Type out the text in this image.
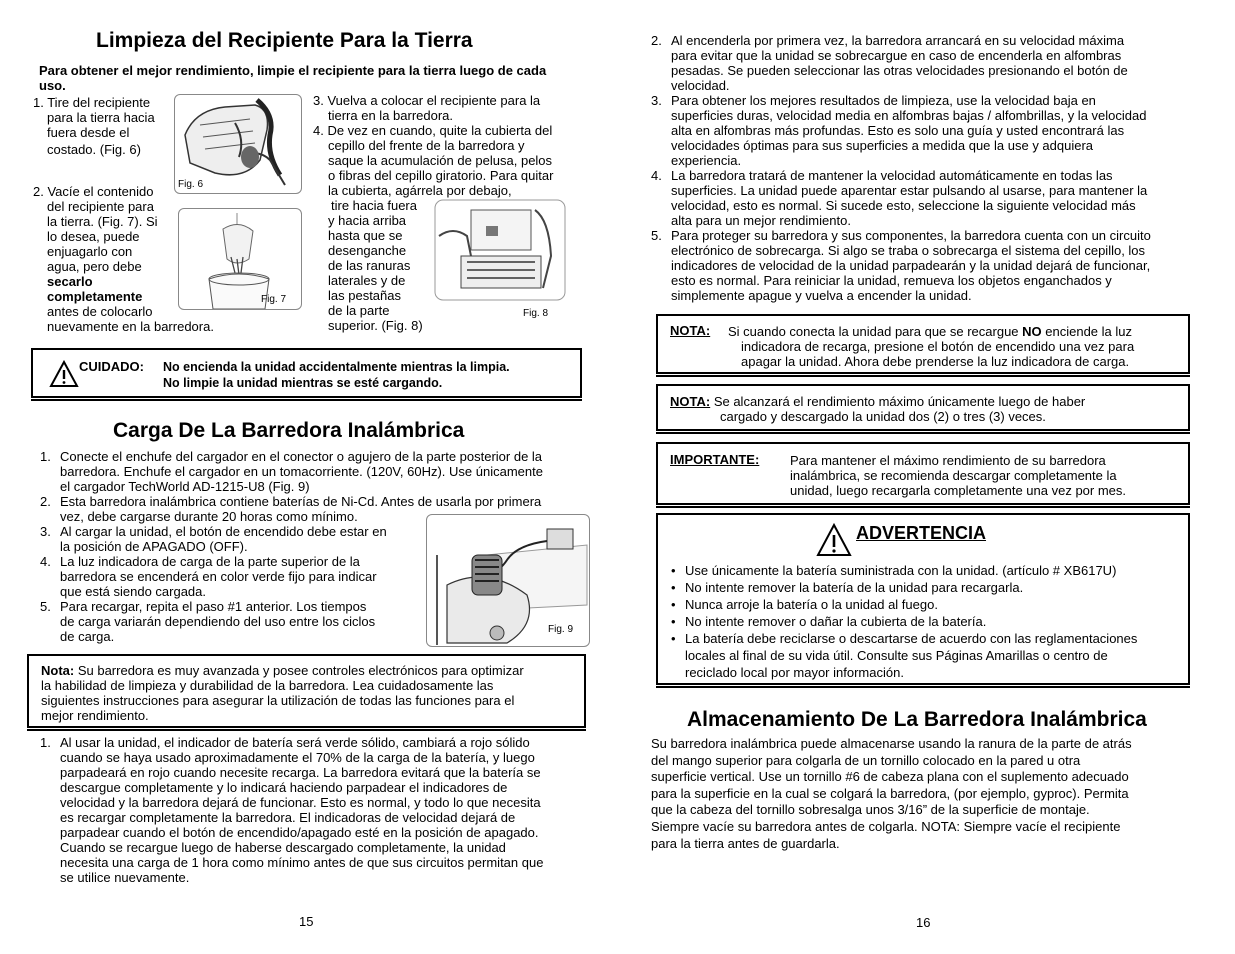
Limpieza del Recipiente Para la Tierra
Para obtener el mejor rendimiento, limpie el recipiente para la tierra luego de cada uso.
1. Tire del recipiente
para la tierra hacia
fuera desde el
costado. (Fig. 6)
Fig. 6
2. Vacíe el contenido
del recipiente para
la tierra. (Fig. 7). Si
lo desea, puede
enjuagarlo con
agua, pero debe
secarlo
completamente
antes de colocarlo
nuevamente en la barredora.
Fig. 7
3. Vuelva a colocar el recipiente para la
tierra en la barredora.
4. De vez en cuando, quite la cubierta del
cepillo del frente de la barredora y
saque la acumulación de pelusa, pelos
o fibras del cepillo giratorio. Para quitar
la cubierta, agárrela por debajo,
tire hacia fuera
y hacia arriba
hasta que se
desenganche
de las ranuras
laterales y de
las pestañas
de la parte
superior. (Fig. 8)
Fig. 8
CUIDADO: No encienda la unidad accidentalmente mientras la limpia.
No limpie la unidad mientras se esté cargando.
Carga De La Barredora Inalámbrica
1. Conecte el enchufe del cargador en el conector o agujero de la parte posterior de la
barredora. Enchufe el cargador en un tomacorriente. (120V, 60Hz). Use únicamente
el cargador TechWorld AD-1215-U8 (Fig. 9)
2. Esta barredora inalámbrica contiene baterías de Ni-Cd. Antes de usarla por primera
vez, debe cargarse durante 20 horas como mínimo.
3. Al cargar la unidad, el botón de encendido debe estar en
la posición de APAGADO (OFF).
4. La luz indicadora de carga de la parte superior de la
barredora se encenderá en color verde fijo para indicar
que está siendo cargada.
5. Para recargar, repita el paso #1 anterior. Los tiempos
de carga variarán dependiendo del uso entre los ciclos
de carga.	Fig. 9
Nota: Su barredora es muy avanzada y posee controles electrónicos para optimizar
la habilidad de limpieza y durabilidad de la barredora. Lea cuidadosamente las
siguientes instrucciones para asegurar la utilización de todas las funciones para el
mejor rendimiento.
1. Al usar la unidad, el indicador de batería será verde sólido, cambiará a rojo sólido
cuando se haya usado aproximadamente el 70% de la carga de la batería, y luego
parpadeará en rojo cuando necesite recarga. La barredora evitará que la batería se
descargue completamente y lo indicará haciendo parpadear el indicadores de
velocidad y la barredora dejará de funcionar. Esto es normal, y todo lo que necesita
es recargar completamente la barredora. El indicadoras de velocidad dejará de
parpadear cuando el botón de encendido/apagado esté en la posición de apagado.
Cuando se recargue luego de haberse descargado completamente, la unidad
necesita una carga de 1 hora como mínimo antes de que sus circuitos permitan que
se utilice nuevamente.
15
2. Al encenderla por primera vez, la barredora arrancará en su velocidad máxima
para evitar que la unidad se sobrecargue en caso de encenderla en alfombras
pesadas. Se pueden seleccionar las otras velocidades presionando el botón de
velocidad.
3. Para obtener los mejores resultados de limpieza, use la velocidad baja en
superficies duras, velocidad media en alfombras bajas / alfombrillas, y la velocidad
alta en alfombras más profundas. Esto es solo una guía y usted encontrará las
velocidades óptimas para sus superficies a medida que la use y adquiera
experiencia.
4. La barredora tratará de mantener la velocidad automáticamente en todas las
superficies. La unidad puede aparentar estar pulsando al usarse, para mantener la
velocidad, esto es normal. Si sucede esto, seleccione la siguiente velocidad más
alta para un mejor rendimiento.
5. Para proteger su barredora y sus componentes, la barredora cuenta con un circuito
electrónico de sobrecarga. Si algo se traba o sobrecarga el sistema del cepillo, los
indicadores de velocidad de la unidad parpadearán y la unidad dejará de funcionar,
esto es normal. Para reiniciar la unidad, remueva los objetos enganchados y
simplemente apague y vuelva a encender la unidad.
NOTA: Si cuando conecta la unidad para que se recargue NO enciende la luz
indicadora de recarga, presione el botón de encendido una vez para
apagar la unidad. Ahora debe prenderse la luz indicadora de carga.
NOTA: Se alcanzará el rendimiento máximo únicamente luego de haber
cargado y descargado la unidad dos (2) o tres (3) veces.
IMPORTANTE: Para mantener el máximo rendimiento de su barredora
inalámbrica, se recomienda descargar completamente la
unidad, luego recargarla completamente una vez por mes.
ADVERTENCIA
• Use únicamente la batería suministrada con la unidad. (artículo # XB617U)
• No intente remover la batería de la unidad para recargarla.
• Nunca arroje la batería o la unidad al fuego.
• No intente remover o dañar la cubierta de la batería.
• La batería debe reciclarse o descartarse de acuerdo con las reglamentaciones
locales al final de su vida útil. Consulte sus Páginas Amarillas o centro de
reciclado local por mayor información.
Almacenamiento De La Barredora Inalámbrica
Su barredora inalámbrica puede almacenarse usando la ranura de la parte de atrás
del mango superior para colgarla de un tornillo colocado en la pared u otra
superficie vertical. Use un tornillo #6 de cabeza plana con el suplemento adecuado
para la superficie en la cual se colgará la barredora, (por ejemplo, gyproc). Permita
que la cabeza del tornillo sobresalga unos 3/16” de la superficie de montaje.
Siempre vacíe su barredora antes de colgarla. NOTA: Siempre vacíe el recipiente
para la tierra antes de guardarla.
16
